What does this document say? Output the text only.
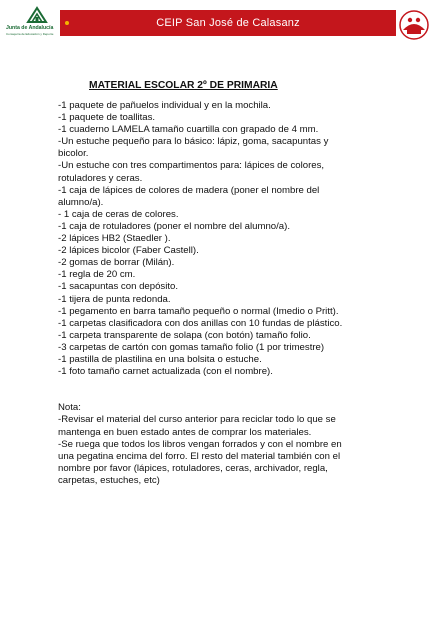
Junta de Andalucía
Consejería de Educación y Deporte
CEIP San José de Calasanz
MATERIAL ESCOLAR 2º DE PRIMARIA
-1 paquete de pañuelos individual y en la mochila.
-1 paquete de toallitas.
-1 cuaderno LAMELA tamaño cuartilla con grapado de 4 mm.
-Un estuche pequeño para lo básico: lápiz, goma, sacapuntas y
bicolor.
-Un estuche con tres compartimentos para: lápices de colores,
rotuladores y ceras.
-1 caja de lápices de colores de madera (poner el nombre del
alumno/a).
- 1 caja de ceras de colores.
-1 caja de rotuladores (poner el nombre del alumno/a).
-2 lápices HB2 (Staedler ).
-2 lápices bicolor (Faber Castell).
-2 gomas de borrar (Milán).
-1 regla de 20 cm.
-1 sacapuntas con depósito.
-1 tijera de punta redonda.
-1 pegamento en barra tamaño pequeño o normal (Imedio o Pritt).
-1 carpetas clasificadora con dos anillas con 10 fundas de plástico.
-1 carpeta transparente de solapa (con botón) tamaño folio.
-3 carpetas de cartón con gomas tamaño folio (1 por trimestre)
-1 pastilla de plastilina en una bolsita o estuche.
-1 foto tamaño carnet actualizada (con el nombre).
Nota:
-Revisar el material del curso anterior para reciclar todo lo que se
mantenga en buen estado antes de comprar los materiales.
-Se ruega que todos los libros vengan forrados y con el nombre en
una pegatina encima del forro. El resto del material también con el
nombre por favor (lápices, rotuladores, ceras, archivador, regla,
carpetas, estuches, etc)
